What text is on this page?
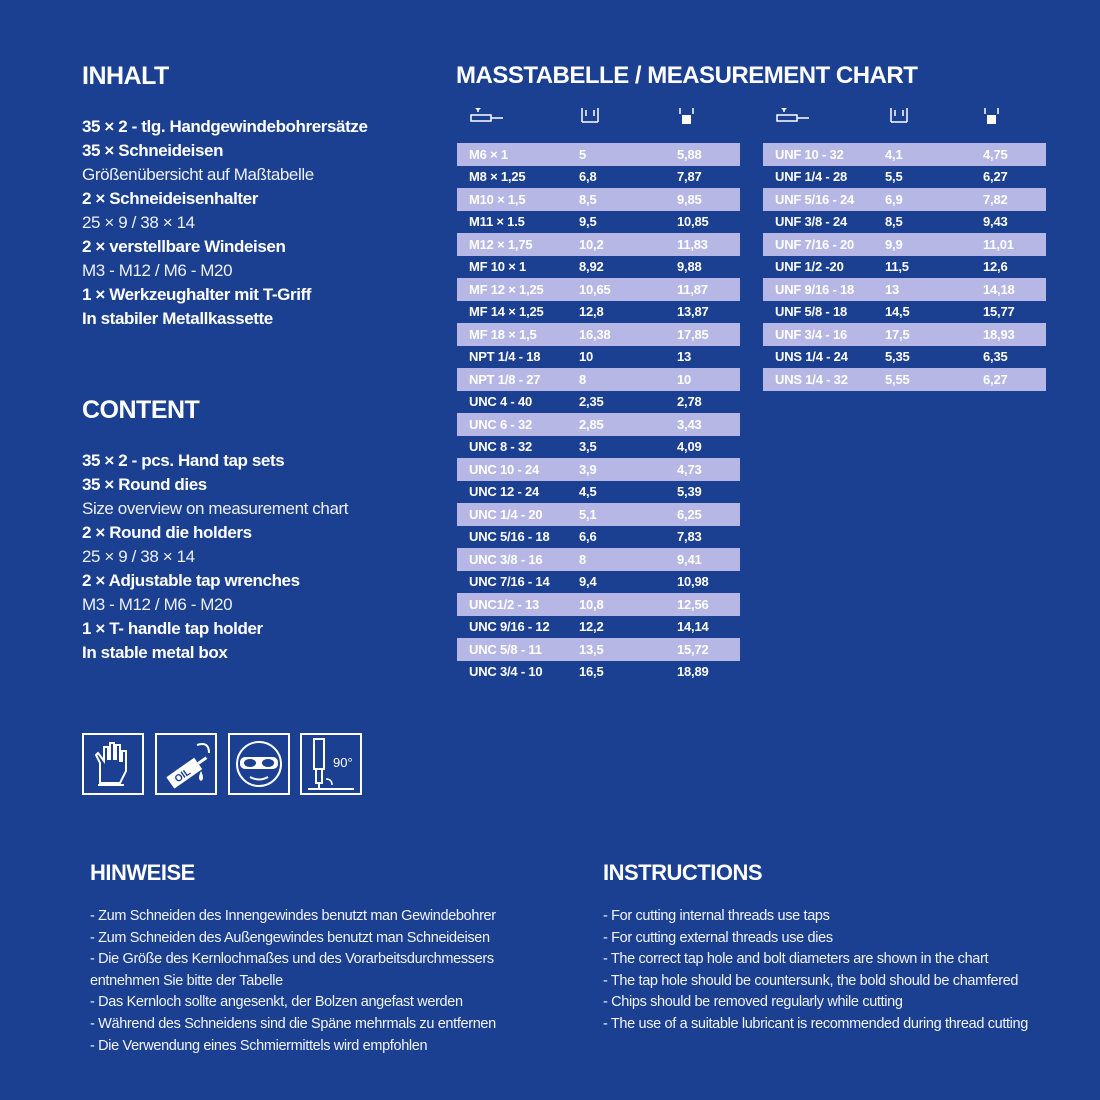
INHALT
35 × 2 - tlg. Handgewindebohrersätze
35 × Schneideisen
Größenübersicht auf Maßtabelle
2 × Schneideisenhalter
25 × 9 / 38 × 14
2 × verstellbare Windeisen
M3 - M12 / M6 - M20
1 × Werkzeughalter mit T-Griff
In stabiler Metallkassette
CONTENT
35 × 2 - pcs. Hand tap sets
35 × Round dies
Size overview on measurement chart
2 × Round die holders
25 × 9 / 38 × 14
2 × Adjustable tap wrenches
M3 - M12 / M6 - M20
1 × T- handle tap holder
In stable metal box
MASSTABELLE / MEASUREMENT CHART
M6 × 1	5	5,88
M8 × 1,25	6,8	7,87
M10 × 1,5	8,5	9,85
M11 × 1.5	9,5	10,85
M12 × 1,75	10,2	11,83
MF 10 × 1	8,92	9,88
MF 12 × 1,25	10,65	11,87
MF 14 × 1,25	12,8	13,87
MF 18 × 1,5	16,38	17,85
NPT 1/4 - 18	10	13
NPT 1/8 - 27	8	10
UNC 4 - 40	2,35	2,78
UNC 6 - 32	2,85	3,43
UNC 8 - 32	3,5	4,09
UNC 10 - 24	3,9	4,73
UNC 12 - 24	4,5	5,39
UNC 1/4 - 20	5,1	6,25
UNC 5/16 - 18	6,6	7,83
UNC 3/8 - 16	8	9,41
UNC 7/16 - 14	9,4	10,98
UNC1/2 - 13	10,8	12,56
UNC 9/16 - 12	12,2	14,14
UNC 5/8 - 11	13,5	15,72
UNC 3/4 - 10	16,5	18,89
UNF 10 - 32	4,1	4,75
UNF 1/4 - 28	5,5	6,27
UNF 5/16 - 24	6,9	7,82
UNF 3/8 - 24	8,5	9,43
UNF 7/16 - 20	9,9	11,01
UNF 1/2 -20	11,5	12,6
UNF 9/16 - 18	13	14,18
UNF 5/8 - 18	14,5	15,77
UNF 3/4 - 16	17,5	18,93
UNS 1/4 - 24	5,35	6,35
UNS 1/4 - 32	5,55	6,27
OIL
90°
HINWEISE
- Zum Schneiden des Innengewindes benutzt man Gewindebohrer
- Zum Schneiden des Außengewindes benutzt man Schneideisen
- Die Größe des Kernlochmaßes und des Vorarbeitsdurchmessers
entnehmen Sie bitte der Tabelle
- Das Kernloch sollte angesenkt, der Bolzen angefast werden
- Während des Schneidens sind die Späne mehrmals zu entfernen
- Die Verwendung eines Schmiermittels wird empfohlen
INSTRUCTIONS
- For cutting internal threads use taps
- For cutting external threads use dies
- The correct tap hole and bolt diameters are shown in the chart
- The tap hole should be countersunk, the bold should be chamfered
- Chips should be removed regularly while cutting
- The use of a suitable lubricant is recommended during thread cutting
